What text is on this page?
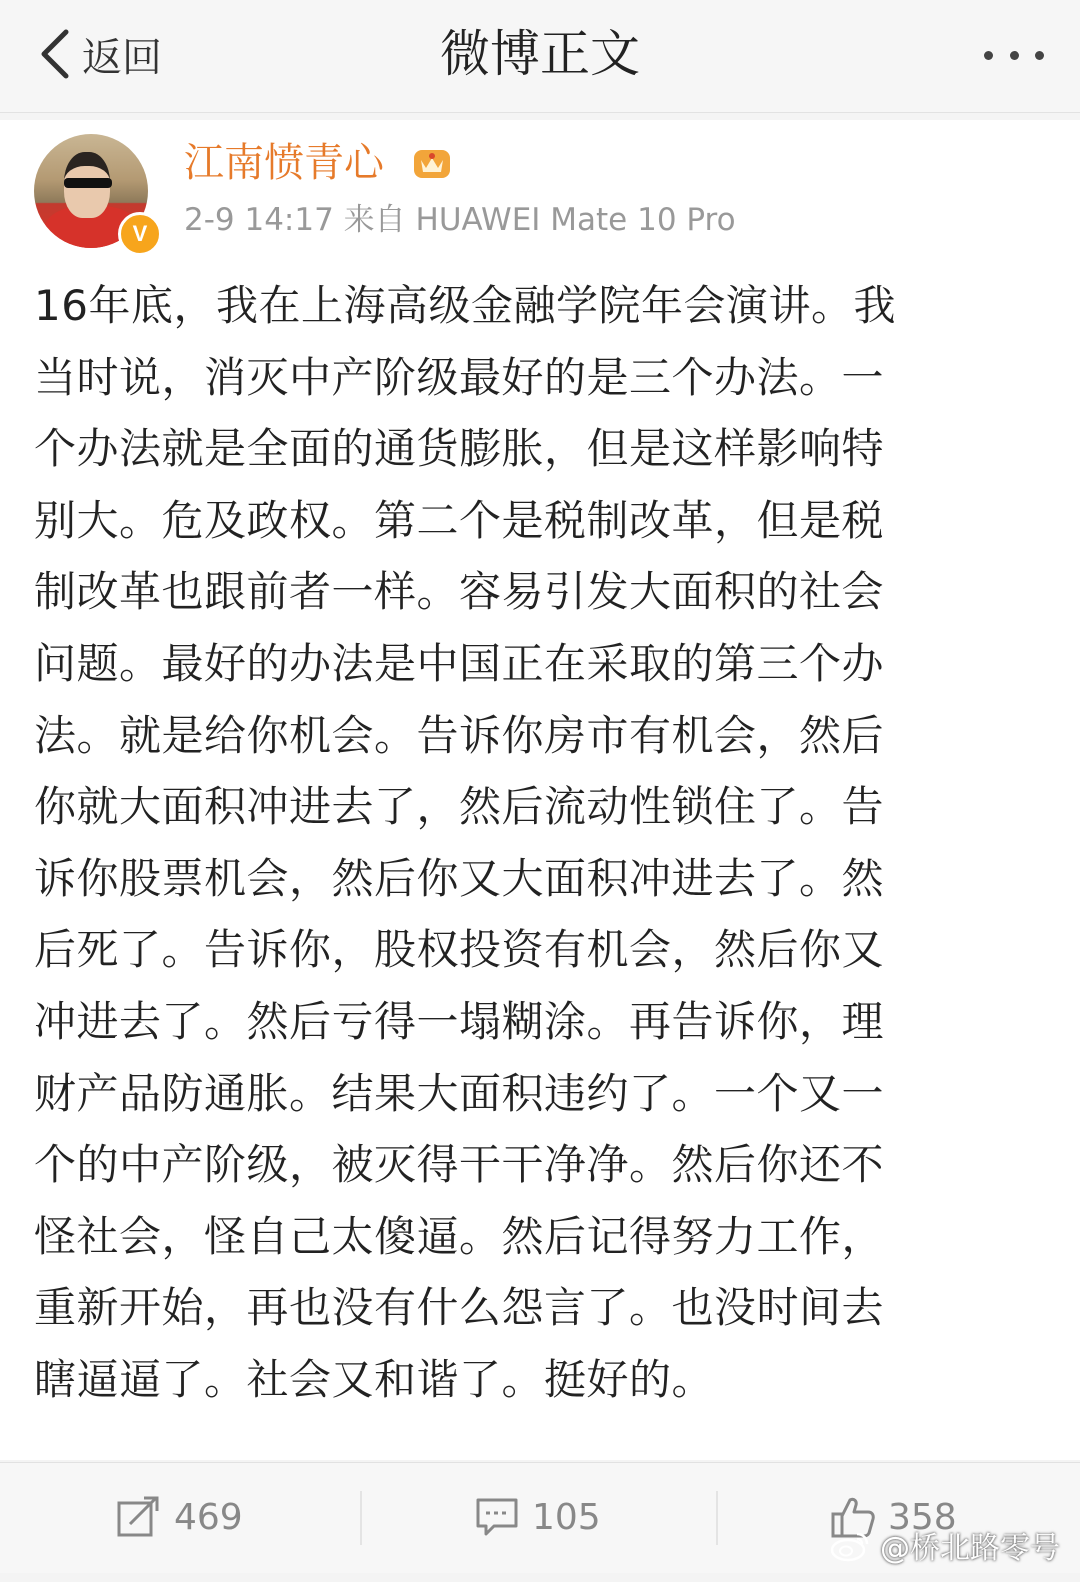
返回	微博正文
V
江南愤青心
2-9 14:17 来自 HUAWEI Mate 10 Pro
16年底，我在上海高级金融学院年会演讲。我
当时说，消灭中产阶级最好的是三个办法。一
个办法就是全面的通货膨胀，但是这样影响特
别大。危及政权。第二个是税制改革，但是税
制改革也跟前者一样。容易引发大面积的社会
问题。最好的办法是中国正在采取的第三个办
法。就是给你机会。告诉你房市有机会，然后
你就大面积冲进去了，然后流动性锁住了。告
诉你股票机会，然后你又大面积冲进去了。然
后死了。告诉你，股权投资有机会，然后你又
冲进去了。然后亏得一塌糊涂。再告诉你，理
财产品防通胀。结果大面积违约了。一个又一
个的中产阶级，被灭得干干净净。然后你还不
怪社会，怪自己太傻逼。然后记得努力工作，
重新开始，再也没有什么怨言了。也没时间去
瞎逼逼了。社会又和谐了。挺好的。
469	105	358
@桥北路零号
